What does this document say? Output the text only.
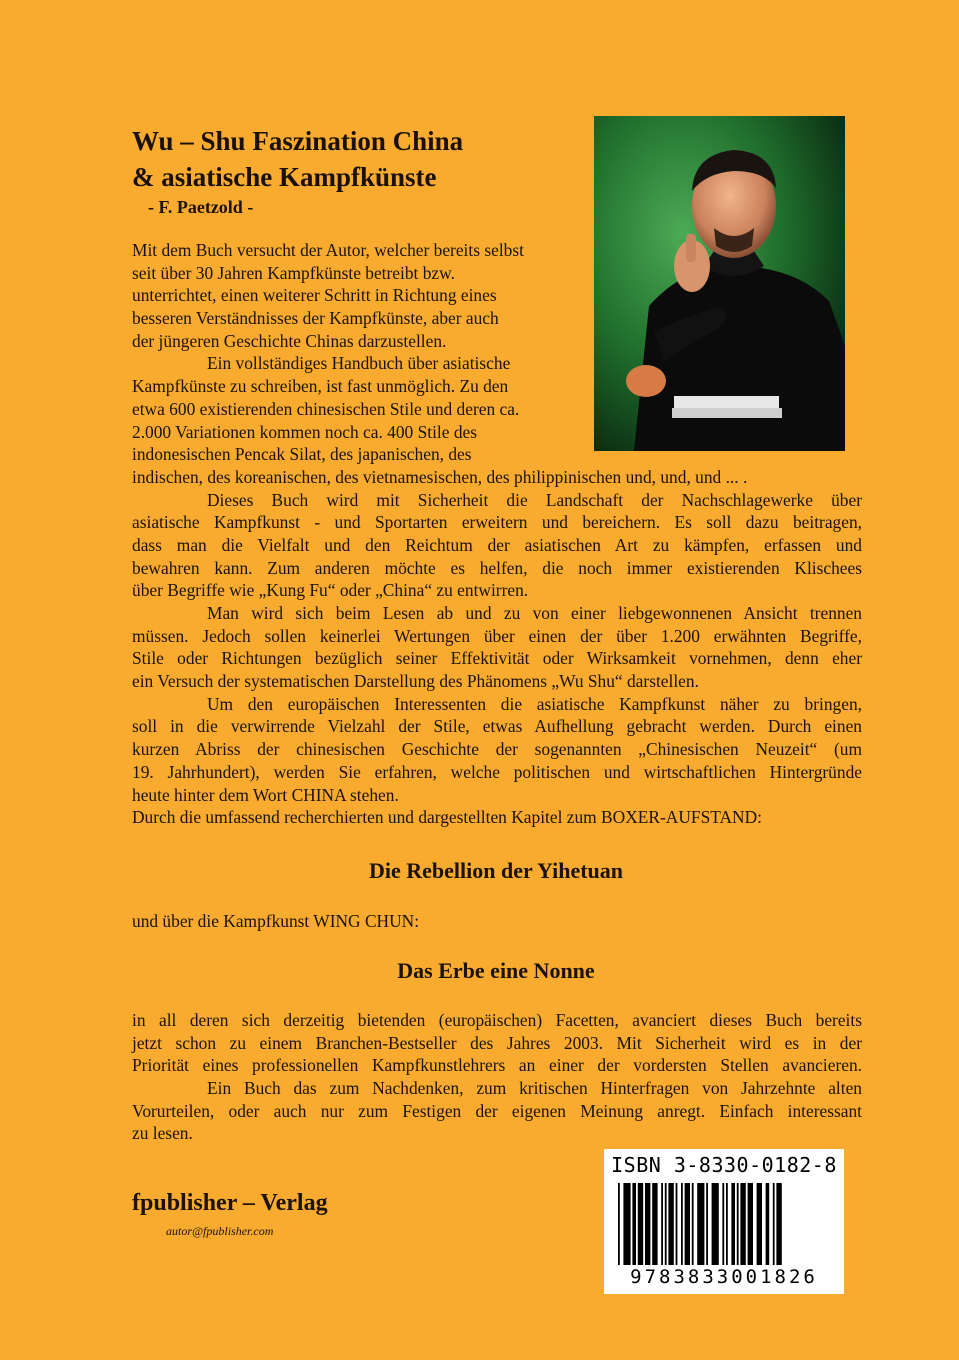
Wu – Shu Faszination China
& asiatische Kampfkünste
- F. Paetzold -
Mit dem Buch versucht der Autor, welcher bereits selbst
seit über 30 Jahren Kampfkünste betreibt bzw.
unterrichtet, einen weiterer Schritt in Richtung eines
besseren Verständnisses der Kampfkünste, aber auch
der jüngeren Geschichte Chinas darzustellen.
Ein vollständiges Handbuch über asiatische
Kampfkünste zu schreiben, ist fast unmöglich. Zu den
etwa 600 existierenden chinesischen Stile und deren ca.
2.000 Variationen kommen noch ca. 400 Stile des
indonesischen Pencak Silat, des japanischen, des
indischen, des koreanischen, des vietnamesischen, des philippinischen und, und, und ... .
Dieses Buch wird mit Sicherheit die Landschaft der Nachschlagewerke über
asiatische Kampfkunst - und Sportarten erweitern und bereichern. Es soll dazu beitragen,
dass man die Vielfalt und den Reichtum der asiatischen Art zu kämpfen, erfassen und
bewahren kann. Zum anderen möchte es helfen, die noch immer existierenden Klischees
über Begriffe wie „Kung Fu“ oder „China“ zu entwirren.
Man wird sich beim Lesen ab und zu von einer liebgewonnenen Ansicht trennen
müssen. Jedoch sollen keinerlei Wertungen über einen der über 1.200 erwähnten Begriffe,
Stile oder Richtungen bezüglich seiner Effektivität oder Wirksamkeit vornehmen, denn eher
ein Versuch der systematischen Darstellung des Phänomens „Wu Shu“ darstellen.
Um den europäischen Interessenten die asiatische Kampfkunst näher zu bringen,
soll in die verwirrende Vielzahl der Stile, etwas Aufhellung gebracht werden. Durch einen
kurzen Abriss der chinesischen Geschichte der sogenannten „Chinesischen Neuzeit“ (um
19. Jahrhundert), werden Sie erfahren, welche politischen und wirtschaftlichen Hintergründe
heute hinter dem Wort CHINA stehen.
Durch die umfassend recherchierten und dargestellten Kapitel zum BOXER-AUFSTAND:
Die Rebellion der Yihetuan
und über die Kampfkunst WING CHUN:
Das Erbe eine Nonne
in all deren sich derzeitig bietenden (europäischen) Facetten, avanciert dieses Buch bereits
jetzt schon zu einem Branchen-Bestseller des Jahres 2003. Mit Sicherheit wird es in der
Priorität eines professionellen Kampfkunstlehrers an einer der vordersten Stellen avancieren.
Ein Buch das zum Nachdenken, zum kritischen Hinterfragen von Jahrzehnte alten
Vorurteilen, oder auch nur zum Festigen der eigenen Meinung anregt. Einfach interessant
zu lesen.
fpublisher – Verlag
autor@fpublisher.com
ISBN 3-8330-0182-8
9783833001826
